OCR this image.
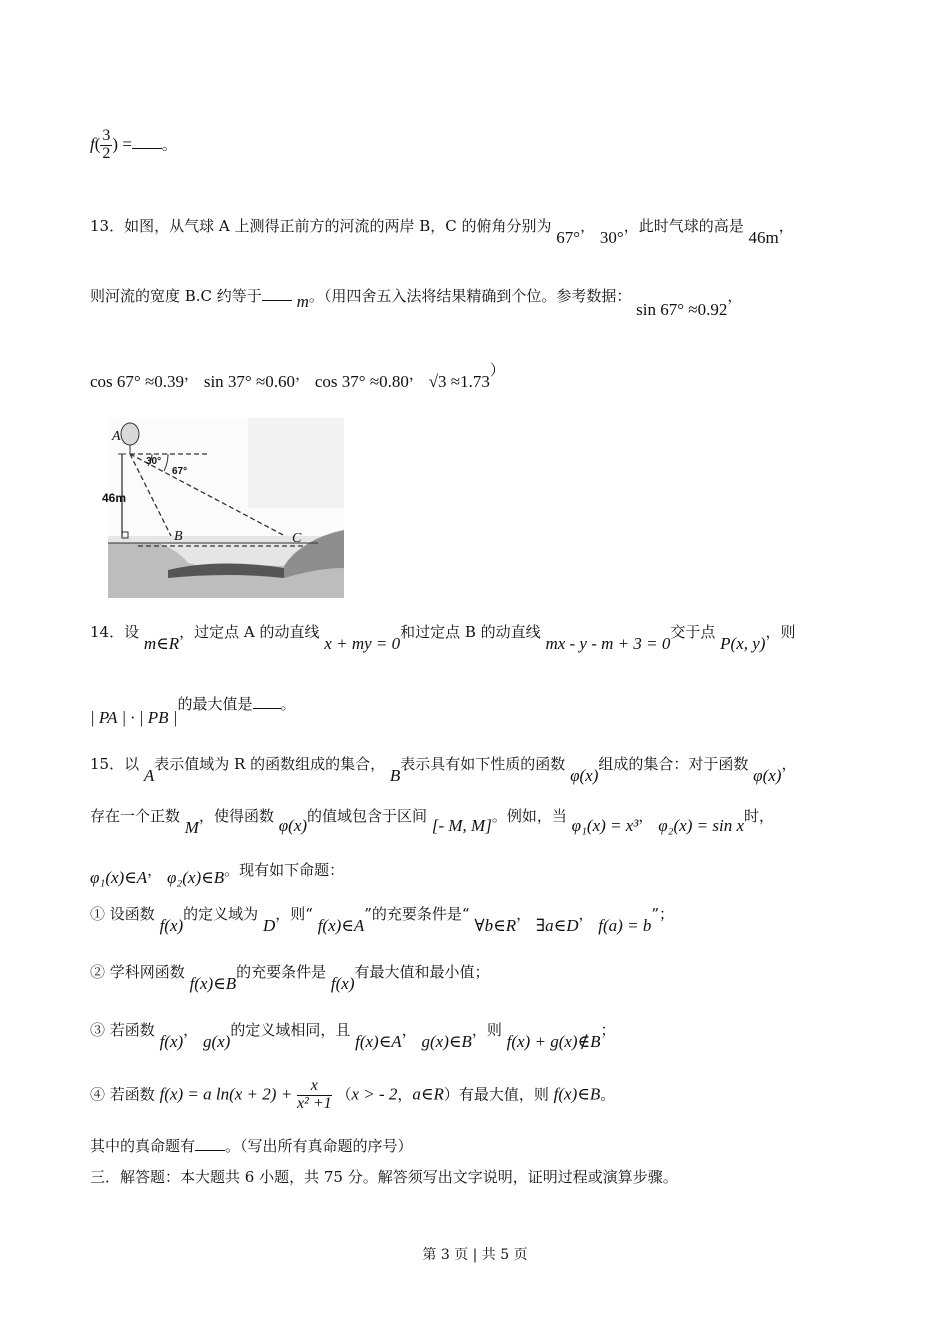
$f( \frac{3}{2}$ ) = 。
13．如图，从气球 A 上测得正前方的河流的两岸 B，C 的俯角分别为 67°， 30°，此时气球的高是 46m，
则河流的宽度 B.C 约等于 m。（用四舍五入法将结果精确到个位。参考数据： sin 67° ≈0.92，
cos 67° ≈0.39， sin 37° ≈0.60， cos 37° ≈0.80， √3 ≈1.73）
A
B	C
30°
67°
46m
14．设 m∈R，过定点 A 的动直线 x + my = 0和过定点 B 的动直线 mx - y - m + 3 = 0交于点 P(x, y)，则
| PA | · | PB |的最大值是 。
15．以 A表示值域为 R 的函数组成的集合， B表示具有如下性质的函数 φ(x)组成的集合：对于函数 φ(x)，
存在一个正数 M，使得函数 φ(x)的值域包含于区间 [- M, M]。例如，当 φ₁(x) = x³， φ₂(x) = sin x时，
φ₁(x)∈A， φ₂(x)∈B。现有如下命题：
① 设函数 f(x)的定义域为 D，则“ f(x)∈A”的充要条件是“ ∀b∈R， ∃a∈D， f(a) = b”；
② 学科网函数 f(x)∈B的充要条件是 f(x)有最大值和最小值；
③ 若函数 f(x)， g(x)的定义域相同，且 f(x)∈A， g(x)∈B，则 f(x) + g(x)∉B；
④ 若函数 f(x) = a $\ln(x + 2) + \frac{x}{\text{x² +1}} (x$ > - 2，a∈R）有最大值，则 f(x)∈B。
其中的真命题有 。（写出所有真命题的序号）
三．解答题：本大题共 6 小题，共 75 分。解答须写出文字说明，证明过程或演算步骤。
第 3 页 | 共 5 页
